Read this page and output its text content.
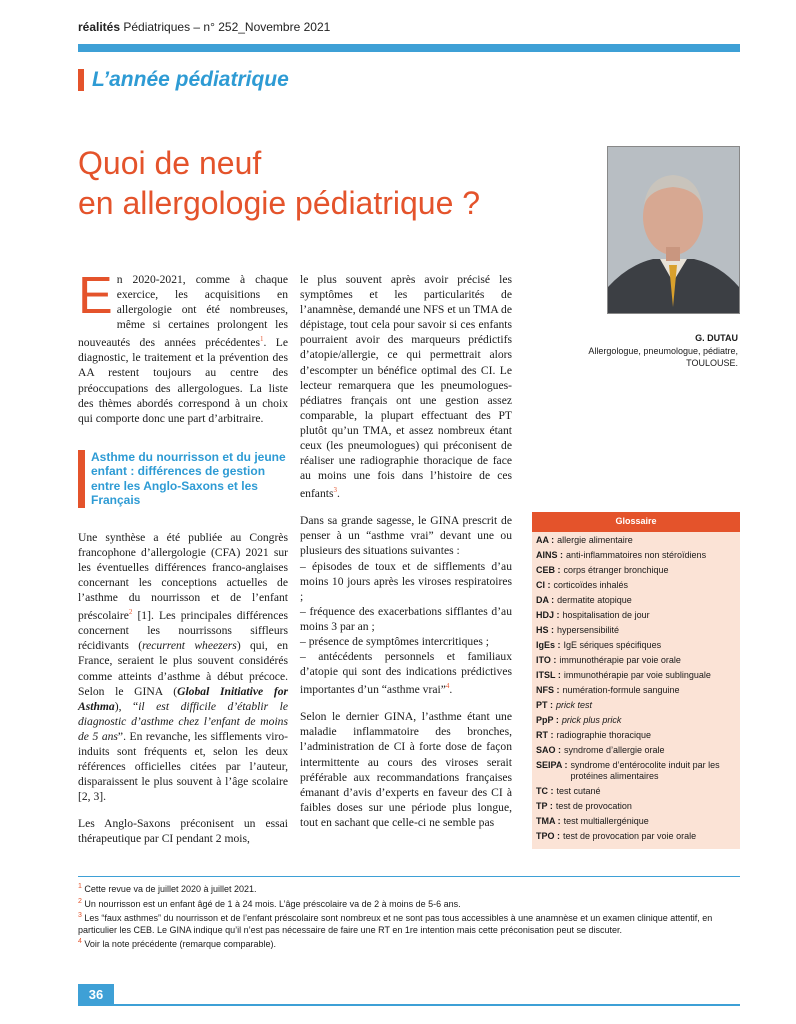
réalités Pédiatriques – n° 252_Novembre 2021
L’année pédiatrique
Quoi de neuf
en allergologie pédiatrique ?
G. DUTAU
Allergologue, pneumologue, pédiatre,
TOULOUSE.

En 2020-2021, comme à chaque exercice, les acquisitions en allergologie ont été nombreuses, même si certaines prolongent les nouveautés des années précédentes$^1$. Le diagnostic, le traitement et la prévention des AA restent toujours au centre des préoccupations des allergologues. La liste des thèmes abordés correspond à un choix qui comporte donc une part d’arbitraire.

Asthme du nourrisson et du jeune enfant : différences de gestion entre les Anglo-Saxons et les Français

Une synthèse a été publiée au Congrès francophone d’allergologie (CFA) 2021 sur les éventuelles différences franco-anglaises concernant les conceptions actuelles de l’asthme du nourrisson et de l’enfant préscolaire$^2$ [1]. Les principales différences concernent les nourrissons siffleurs récidivants (recurrent wheezers) qui, en France, seraient le plus souvent considérés comme atteints d’asthme à début précoce. Selon le GINA (Global Initiative for Asthma), “il est difficile d’établir le diagnostic d’asthme chez l’enfant de moins de 5 ans”. En revanche, les sifflements viro-induits sont fréquents et, selon les deux références officielles citées par l’auteur, disparaissent le plus souvent à l’âge scolaire [2, 3].

Les Anglo-Saxons préconisent un essai thérapeutique par CI pendant 2 mois,

le plus souvent après avoir précisé les symptômes et les particularités de l’anamnèse, demandé une NFS et un TMA de dépistage, tout cela pour savoir si ces enfants pourraient avoir des marqueurs prédictifs d’atopie/allergie, ce qui permettrait alors d’escompter un bénéfice optimal des CI. Le lecteur remarquera que les pneumologues-pédiatres français ont une gestion assez comparable, la plupart effectuant des PT plutôt qu’un TMA, et assez nombreux étant ceux (les pneumologues) qui préconisent de réaliser une radiographie thoracique de face au moins une fois dans l’histoire de ces enfants$^3$.

Dans sa grande sagesse, le GINA prescrit de penser à un “asthme vrai” devant une ou plusieurs des situations suivantes :

– épisodes de toux et de sifflements d’au moins 10 jours après les viroses respiratoires ;
– fréquence des exacerbations sifflantes d’au moins 3 par an ;
– présence de symptômes intercritiques ;

– antécédents personnels et familiaux d’atopie qui sont des indications prédictives importantes d’un “asthme vrai”$^4$.

Selon le dernier GINA, l’asthme étant une maladie inflammatoire des bronches, l’administration de CI à forte dose de façon intermittente au cours des viroses serait préférable aux recommandations françaises émanant d’avis d’experts en faveur des CI à faibles doses sur une période plus longue, tout en sachant que celle-ci ne semble pas

Glossaire
AA : allergie alimentaire
AINS : anti-inflammatoires non stéroïdiens
CEB : corps étranger bronchique
CI : corticoïdes inhalés
DA : dermatite atopique
HDJ : hospitalisation de jour
HS : hypersensibilité
IgEs : IgE sériques spécifiques
ITO : immunothérapie par voie orale
ITSL : immunothérapie par voie sublinguale
NFS : numération-formule sanguine
PT : prick test
PpP : prick plus prick
RT : radiographie thoracique
SAO : syndrome d’allergie orale
SEIPA : syndrome d’entérocolite induit par les protéines alimentaires
TC : test cutané
TP : test de provocation
TMA : test multiallergénique
TPO : test de provocation par voie orale
$^1$ Cette revue va de juillet 2020 à juillet 2021.
$^2$ Un nourrisson est un enfant âgé de 1 à 24 mois. L’âge préscolaire va de 2 à moins de 5-6 ans.
$^3$ Les “faux asthmes” du nourrisson et de l’enfant préscolaire sont nombreux et ne sont pas tous accessibles à une anamnèse et un examen clinique attentif, en particulier les CEB. Le GINA indique qu’il n’est pas nécessaire de faire une RT en 1re intention mais cette préconisation peut se discuter.
$^4$ Voir la note précédente (remarque comparable).
36
